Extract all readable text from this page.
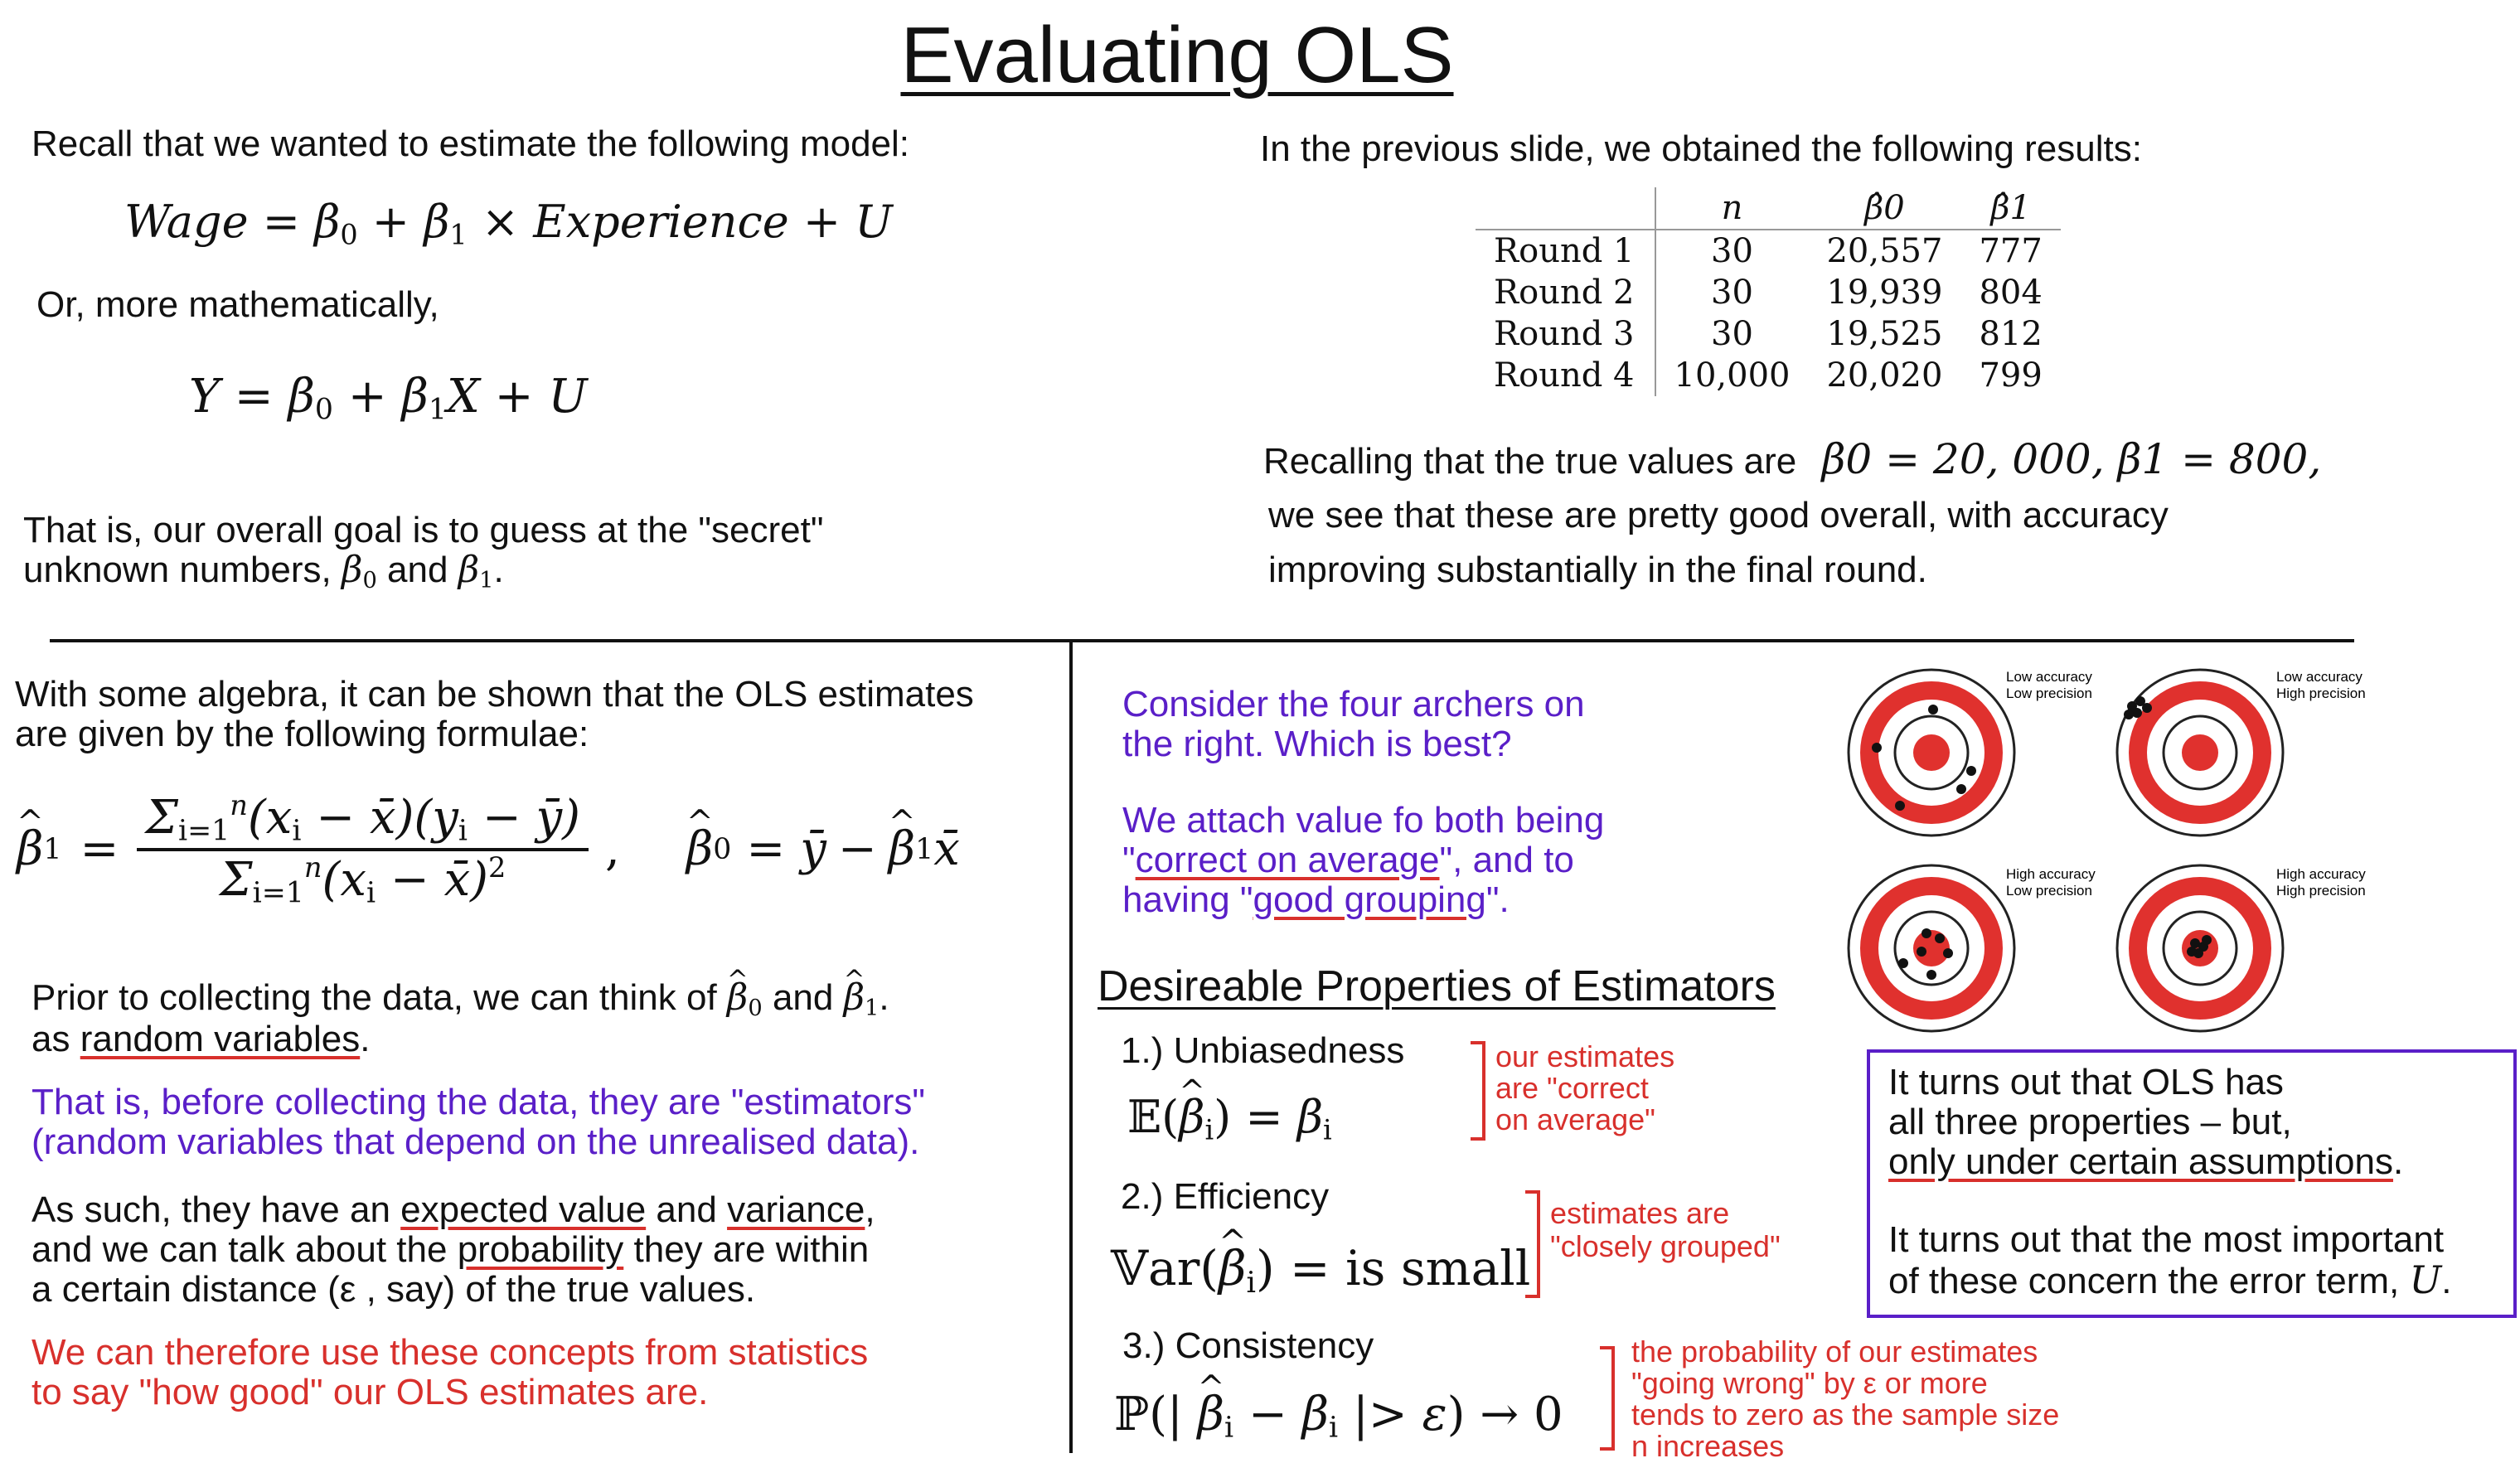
Evaluating OLS
Recall that we wanted to estimate the following model:
Wage = $\beta_0 + \beta_1$ × Experience + U
Or, more mathematically,
$Y = \beta_0 + \beta_1X + U$
That is, our overall goal is to guess at the "secret"
unknown numbers, $\beta_0$ and $\beta_1$.
In the previous slide, we obtained the following results:
	n	β̂0	β̂1
Round 1	30	20,557	777
Round 2	30	19,939	804
Round 3	30	19,525	812
Round 4	10,000	20,020	799
Recalling that the true values are β0 = 20, 000, β1 = 800,
we see that these are pretty good overall, with accuracy
improving substantially in the final round.
With some algebra, it can be shown that the OLS estimates
are given by the following formulae:
^ β $1 = \frac{\Sigma_{i=1}^n(x_i - x̄)(y_i - ȳ)}{\Sigma_{i=1}^n(x_i - x̄)^2}$ , ^ β 0 = ȳ − ^ β 1 x̄
Prior to collecting the data, we can think of ^ $\beta_0$ and ^ $\beta_1$.
as random variables.
That is, before collecting the data, they are "estimators"
(random variables that depend on the unrealised data).
As such, they have an expected value and variance,
and we can talk about the probability they are within
a certain distance (ε , say) of the true values.
We can therefore use these concepts from statistics
to say "how good" our OLS estimates are.
Consider the four archers on
the right. Which is best?
We attach value fo both being
"correct on average", and to
having "good grouping".
Desireable Properties of Estimators
1.) Unbiasedness
𝔼(^ $\beta_i) = \beta_i$
our estimates
are "correct
on average"
2.) Efficiency
𝕍ar(^ $\beta_i$) = is small
estimates are
"closely grouped"
3.) Consistency
ℙ(| ^ $\beta_i - \beta_i$ |> ε) → 0
the probability of our estimates
"going wrong" by ε or more
tends to zero as the sample size
n increases
It turns out that OLS has
all three properties – but,
only under certain assumptions.
It turns out that the most important
of these concern the error term, U.
Low accuracy
Low precision
Low accuracy
High precision
High accuracy
Low precision
High accuracy
High precision
